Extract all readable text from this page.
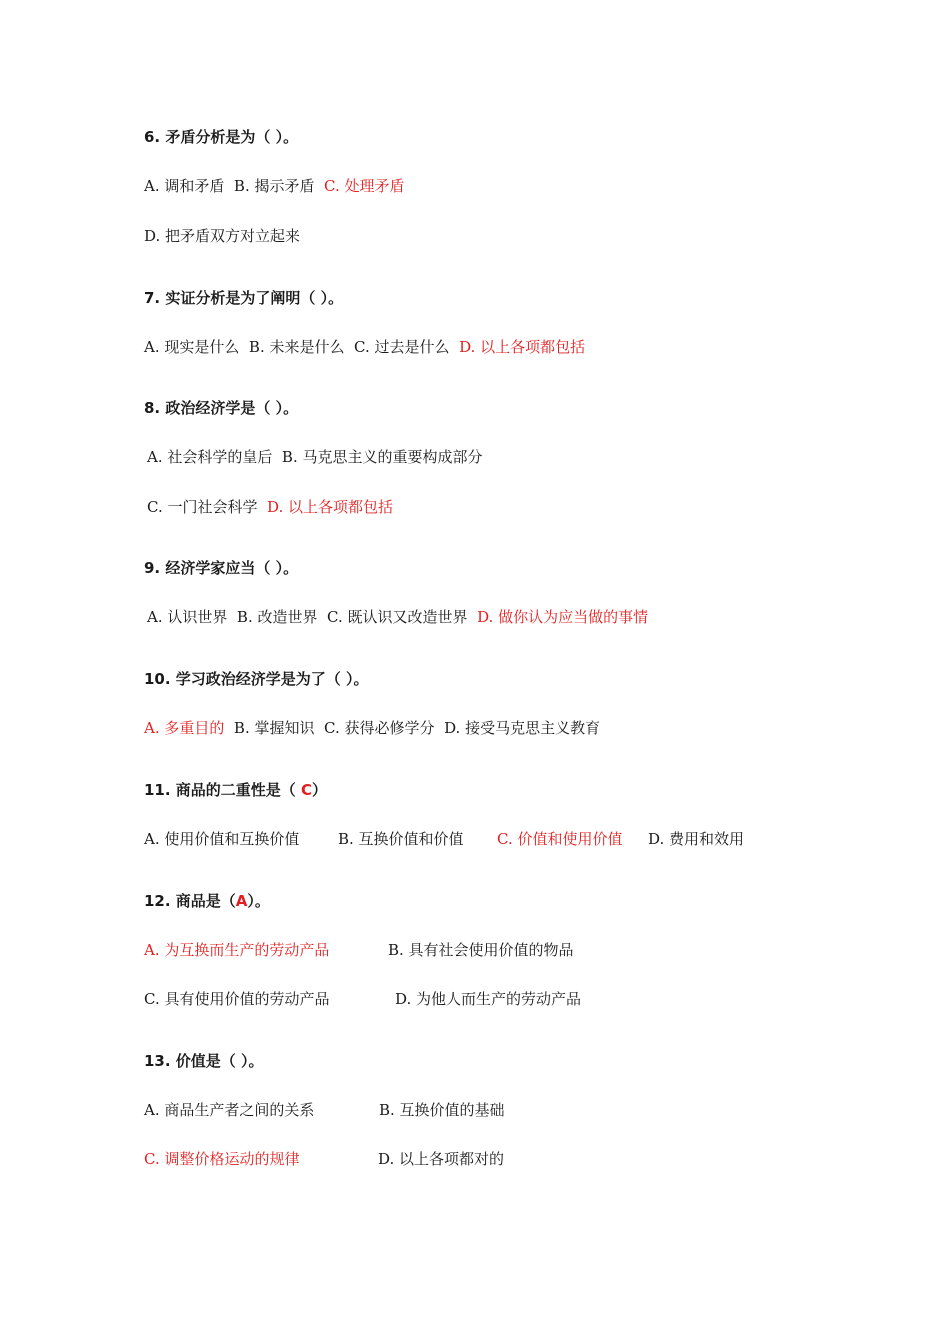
6. 矛盾分析是为（ ）。
A. 调和矛盾 B. 揭示矛盾 C. 处理矛盾
D. 把矛盾双方对立起来
7. 实证分析是为了阐明（ ）。
A. 现实是什么 B. 未来是什么 C. 过去是什么 D. 以上各项都包括
8. 政治经济学是（ ）。
A. 社会科学的皇后 B. 马克思主义的重要构成部分
C. 一门社会科学 D. 以上各项都包括
9. 经济学家应当（ ）。
A. 认识世界 B. 改造世界 C. 既认识又改造世界 D. 做你认为应当做的事情
10. 学习政治经济学是为了（ ）。
A. 多重目的 B. 掌握知识 C. 获得必修学分 D. 接受马克思主义教育
11. 商品的二重性是（ C）
A. 使用价值和互换价值	B. 互换价值和价值 C. 价值和使用价值 D. 费用和效用
12. 商品是（A）。
A. 为互换而生产的劳动产品	B. 具有社会使用价值的物品
C. 具有使用价值的劳动产品	D. 为他人而生产的劳动产品
13. 价值是（ ）。
A. 商品生产者之间的关系	B. 互换价值的基础
C. 调整价格运动的规律	D. 以上各项都对的
